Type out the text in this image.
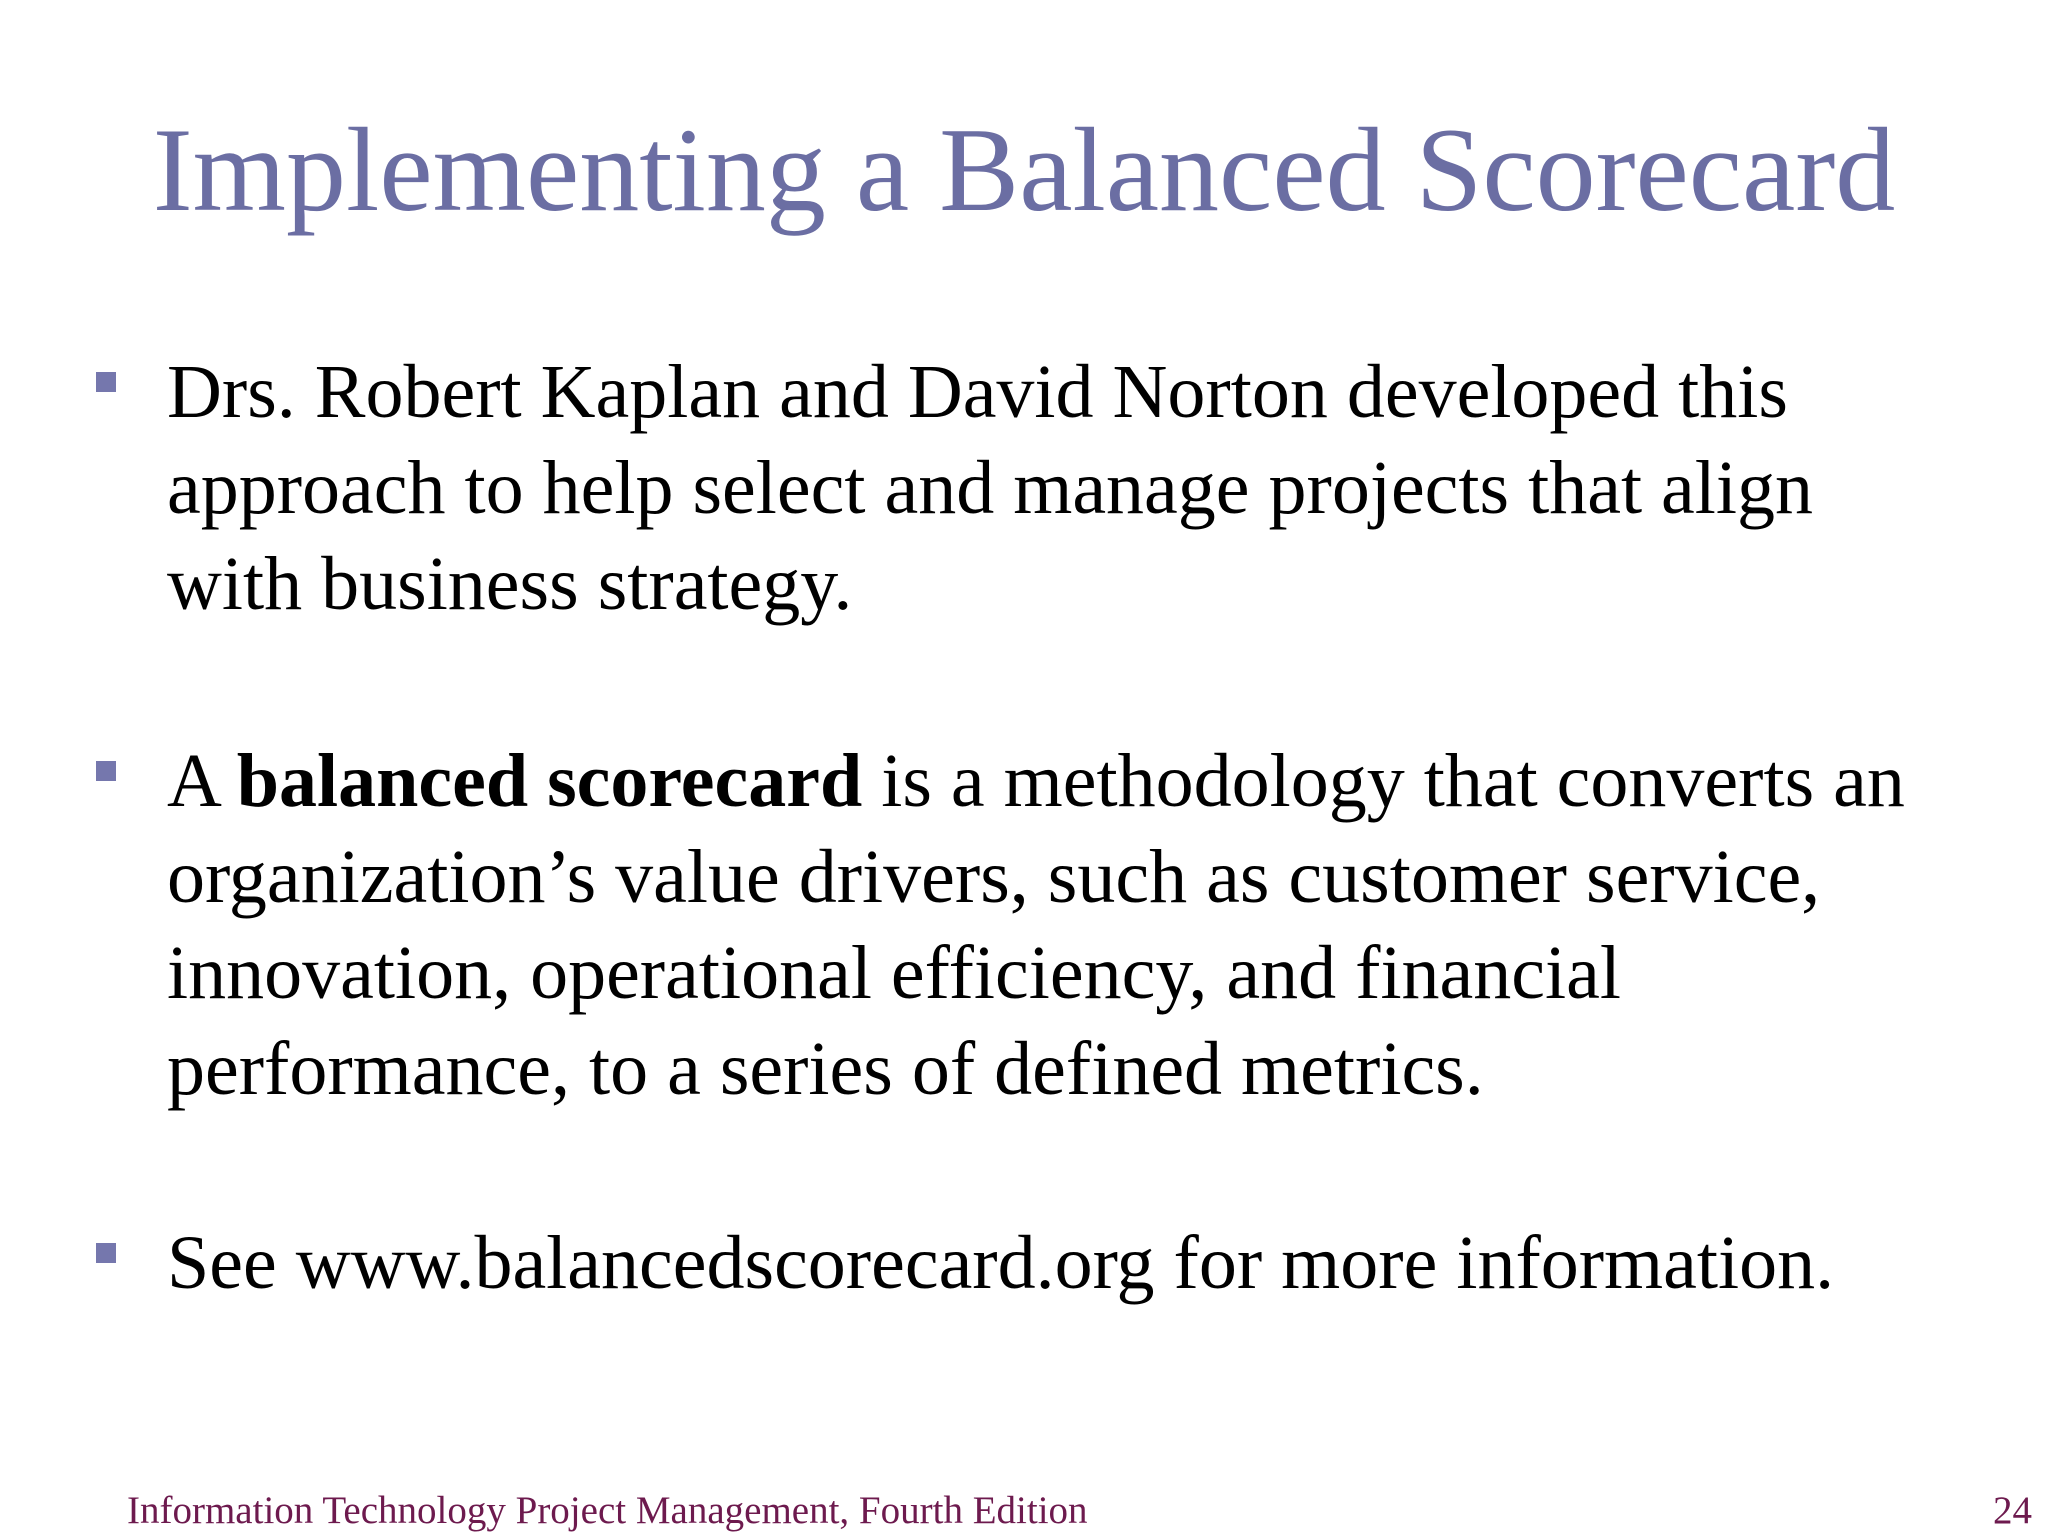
Implementing a Balanced Scorecard
Drs. Robert Kaplan and David Norton developed this approach to help select and manage projects that align with business strategy.
A balanced scorecard is a methodology that converts an organization’s value drivers, such as customer service, innovation, operational efficiency, and financial performance, to a series of defined metrics.
See www.balancedscorecard.org for more information.
Information Technology Project Management, Fourth Edition	24
